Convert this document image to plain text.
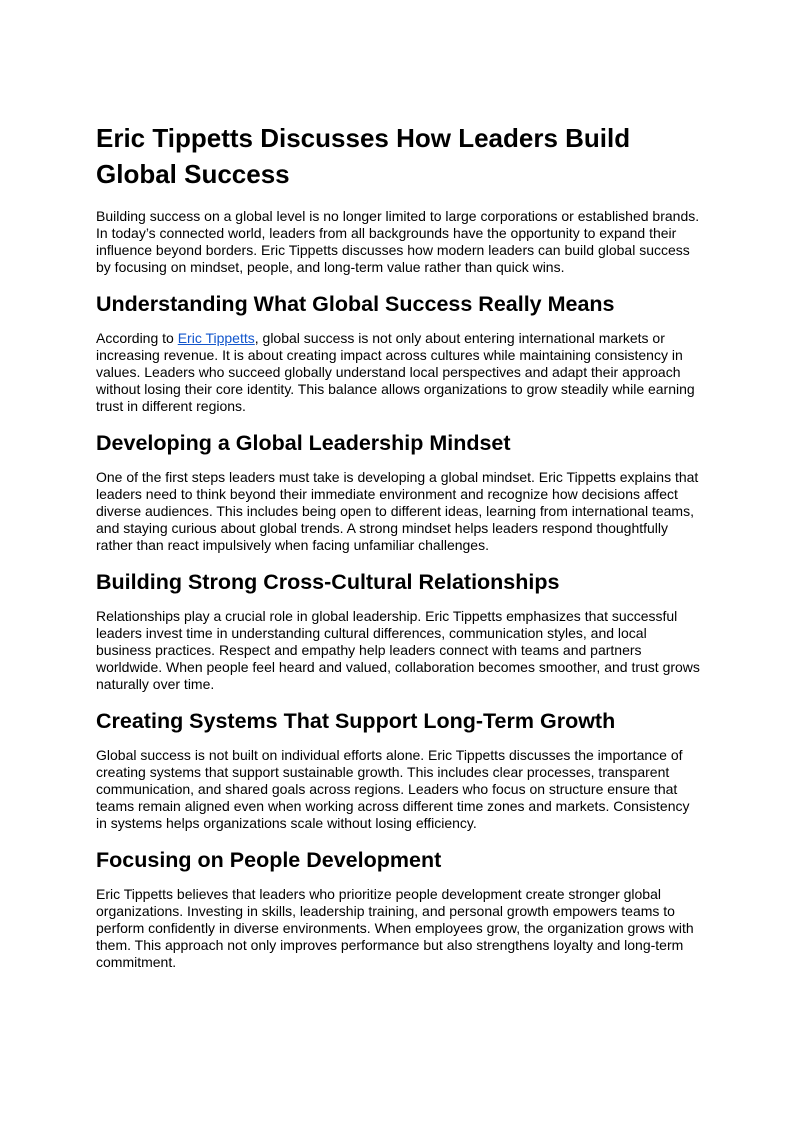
Eric Tippetts Discusses How Leaders Build Global Success

Building success on a global level is no longer limited to large corporations or established brands. In today’s connected world, leaders from all backgrounds have the opportunity to expand their influence beyond borders. Eric Tippetts discusses how modern leaders can build global success by focusing on mindset, people, and long-term value rather than quick wins.

Understanding What Global Success Really Means

According to Eric Tippetts, global success is not only about entering international markets or increasing revenue. It is about creating impact across cultures while maintaining consistency in values. Leaders who succeed globally understand local perspectives and adapt their approach without losing their core identity. This balance allows organizations to grow steadily while earning trust in different regions.

Developing a Global Leadership Mindset

One of the first steps leaders must take is developing a global mindset. Eric Tippetts explains that leaders need to think beyond their immediate environment and recognize how decisions affect diverse audiences. This includes being open to different ideas, learning from international teams, and staying curious about global trends. A strong mindset helps leaders respond thoughtfully rather than react impulsively when facing unfamiliar challenges.

Building Strong Cross-Cultural Relationships

Relationships play a crucial role in global leadership. Eric Tippetts emphasizes that successful leaders invest time in understanding cultural differences, communication styles, and local business practices. Respect and empathy help leaders connect with teams and partners worldwide. When people feel heard and valued, collaboration becomes smoother, and trust grows naturally over time.

Creating Systems That Support Long-Term Growth

Global success is not built on individual efforts alone. Eric Tippetts discusses the importance of creating systems that support sustainable growth. This includes clear processes, transparent communication, and shared goals across regions. Leaders who focus on structure ensure that teams remain aligned even when working across different time zones and markets. Consistency in systems helps organizations scale without losing efficiency.

Focusing on People Development

Eric Tippetts believes that leaders who prioritize people development create stronger global organizations. Investing in skills, leadership training, and personal growth empowers teams to perform confidently in diverse environments. When employees grow, the organization grows with them. This approach not only improves performance but also strengthens loyalty and long-term commitment.
